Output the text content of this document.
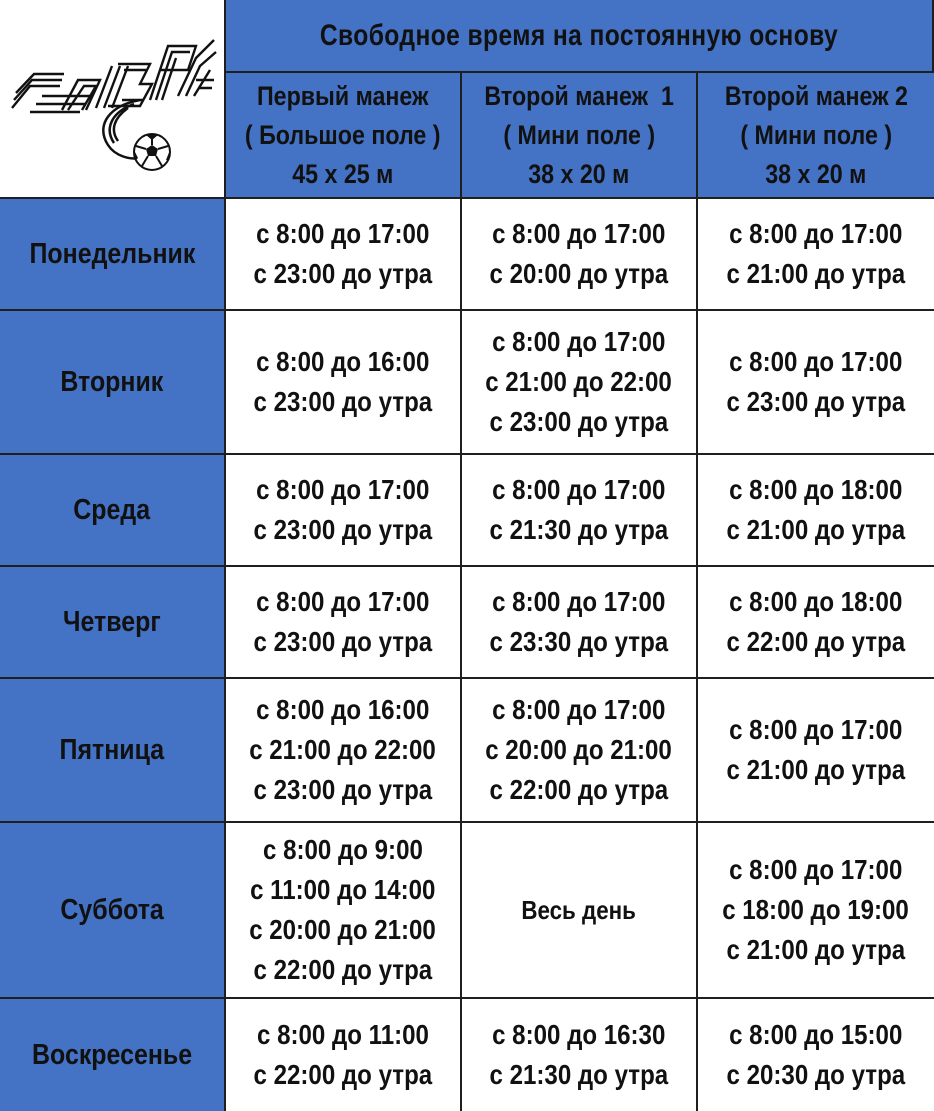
Свободное время на постоянную основу
Первый манеж
( Большое поле )
45 х 25 м
Второй манеж  1
( Мини поле )
38 х 20 м
Второй манеж 2
( Мини поле )
38 х 20 м
Понедельник
с 8:00 до 17:00
с 23:00 до утра
с 8:00 до 17:00
с 20:00 до утра
с 8:00 до 17:00
с 21:00 до утра
Вторник
с 8:00 до 16:00
с 23:00 до утра
с 8:00 до 17:00
с 21:00 до 22:00
с 23:00 до утра
с 8:00 до 17:00
с 23:00 до утра
Среда
с 8:00 до 17:00
с 23:00 до утра
с 8:00 до 17:00
с 21:30 до утра
с 8:00 до 18:00
с 21:00 до утра
Четверг
с 8:00 до 17:00
с 23:00 до утра
с 8:00 до 17:00
с 23:30 до утра
с 8:00 до 18:00
с 22:00 до утра
Пятница
с 8:00 до 16:00
с 21:00 до 22:00
с 23:00 до утра
с 8:00 до 17:00
с 20:00 до 21:00
с 22:00 до утра
с 8:00 до 17:00
с 21:00 до утра
Суббота
с 8:00 до 9:00
с 11:00 до 14:00
с 20:00 до 21:00
с 22:00 до утра
Весь день
с 8:00 до 17:00
с 18:00 до 19:00
с 21:00 до утра
Воскресенье
с 8:00 до 11:00
с 22:00 до утра
с 8:00 до 16:30
с 21:30 до утра
с 8:00 до 15:00
с 20:30 до утра
